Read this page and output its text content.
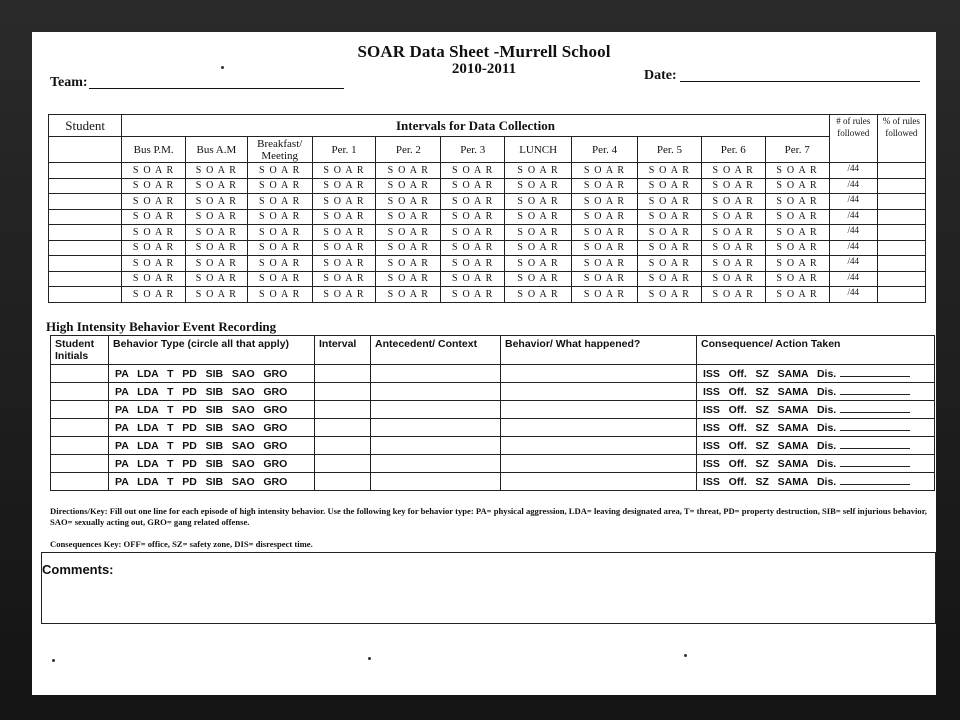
SOAR Data Sheet -Murrell School
2010-2011
Team:	Date:
Student	Intervals for Data Collection											# of rules followed	% of rules followed
	Bus P.M.	Bus A.M	Breakfast/ Meeting	Per. 1	Per. 2	Per. 3	LUNCH	Per. 4	Per. 5	Per. 6	Per. 7		
	S O A R	S O A R	S O A R	S O A R	S O A R	S O A R	S O A R	S O A R	S O A R	S O A R	S O A R	/44	
	S O A R	S O A R	S O A R	S O A R	S O A R	S O A R	S O A R	S O A R	S O A R	S O A R	S O A R	/44	
	S O A R	S O A R	S O A R	S O A R	S O A R	S O A R	S O A R	S O A R	S O A R	S O A R	S O A R	/44	
	S O A R	S O A R	S O A R	S O A R	S O A R	S O A R	S O A R	S O A R	S O A R	S O A R	S O A R	/44	
	S O A R	S O A R	S O A R	S O A R	S O A R	S O A R	S O A R	S O A R	S O A R	S O A R	S O A R	/44	
	S O A R	S O A R	S O A R	S O A R	S O A R	S O A R	S O A R	S O A R	S O A R	S O A R	S O A R	/44	
	S O A R	S O A R	S O A R	S O A R	S O A R	S O A R	S O A R	S O A R	S O A R	S O A R	S O A R	/44	
	S O A R	S O A R	S O A R	S O A R	S O A R	S O A R	S O A R	S O A R	S O A R	S O A R	S O A R	/44	
	S O A R	S O A R	S O A R	S O A R	S O A R	S O A R	S O A R	S O A R	S O A R	S O A R	S O A R	/44	
High Intensity Behavior Event Recording
Student Initials	Behavior Type (circle all that apply)	Interval	Antecedent/ Context	Behavior/ What happened?	Consequence/ Action Taken
	PA   LDA   T   PD   SIB   SAO   GRO				ISS   Off.   SZ   SAMA   Dis.
	PA   LDA   T   PD   SIB   SAO   GRO				ISS   Off.   SZ   SAMA   Dis.
	PA   LDA   T   PD   SIB   SAO   GRO				ISS   Off.   SZ   SAMA   Dis.
	PA   LDA   T   PD   SIB   SAO   GRO				ISS   Off.   SZ   SAMA   Dis.
	PA   LDA   T   PD   SIB   SAO   GRO				ISS   Off.   SZ   SAMA   Dis.
	PA   LDA   T   PD   SIB   SAO   GRO				ISS   Off.   SZ   SAMA   Dis.
	PA   LDA   T   PD   SIB   SAO   GRO				ISS   Off.   SZ   SAMA   Dis.
Directions/Key: Fill out one line for each episode of high intensity behavior. Use the following key for behavior type: PA= physical aggression, LDA= leaving designated area, T= threat, PD= property destruction, SIB= self injurious behavior, SAO= sexually acting out, GRO= gang related offense.
Consequences Key: OFF= office, SZ= safety zone, DIS= disrespect time.
Comments:
